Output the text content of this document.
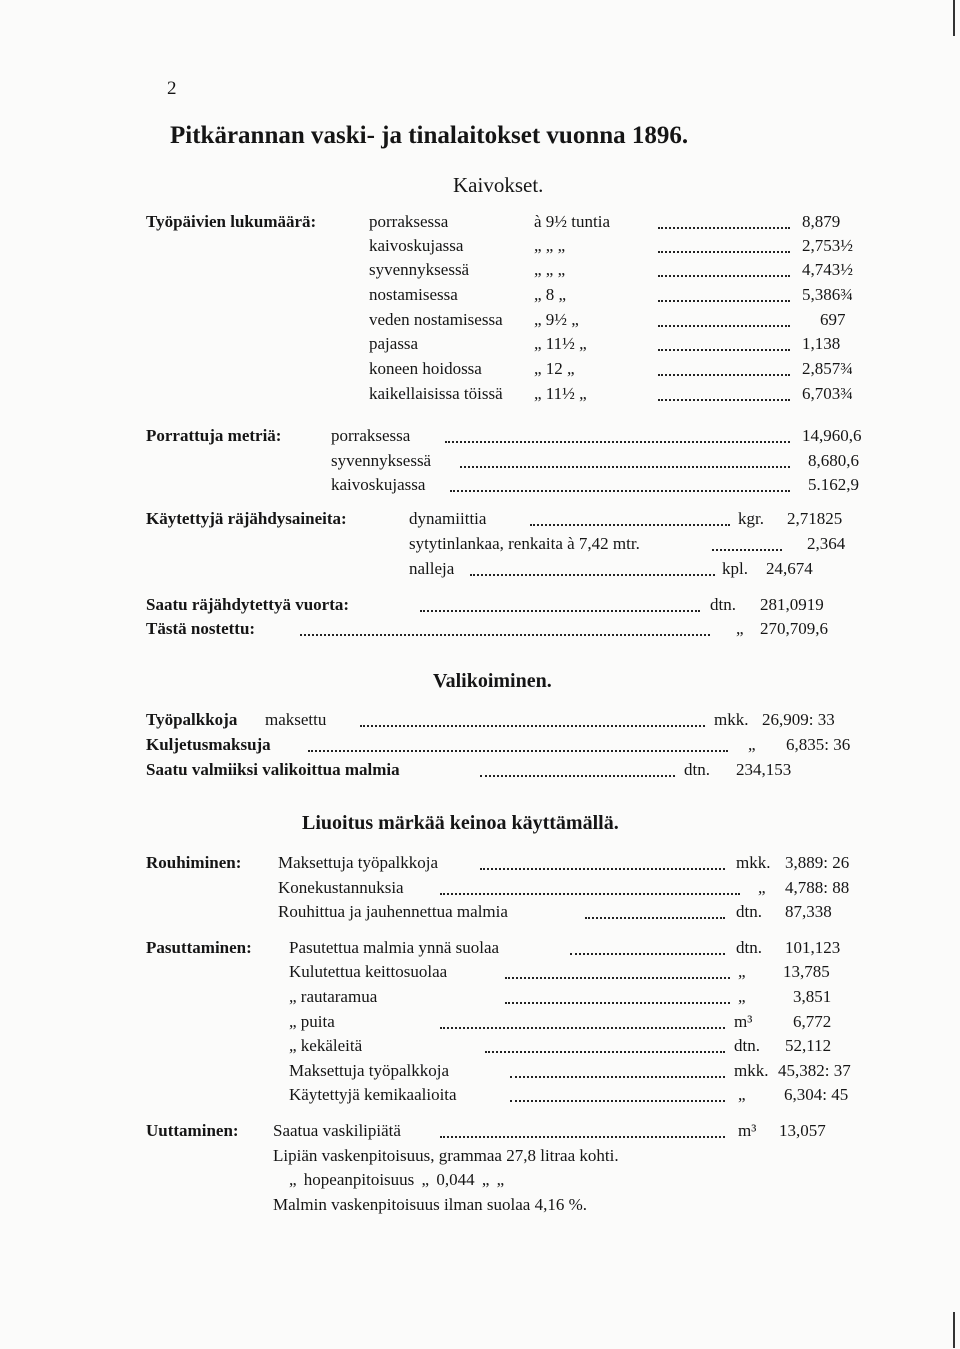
2
Pitkärannan vaski- ja tinalaitokset vuonna 1896.
Kaivokset.
Työpäivien lukumäärä:	porraksessa	à 9½ tuntia	8,879
kaivoskujassa	„ „ „	2,753½
syvennyksessä	„ „ „	4,743½
nostamisessa	„ 8 „	5,386¾
veden nostamisessa „ 9½ „	697
pajassa	„ 11½ „	1,138
koneen hoidossa	„ 12 „	2,857¾
kaikellaisissa töissä „ 11½ „	6,703¾
Porrattuja metriä:	porraksessa	14,960,6
syvennyksessä	8,680,6
kaivoskujassa	5.162,9
Käytettyjä räjähdysaineita:	dynamiittia	kgr. 2,71825
sytytinlankaa, renkaita à 7,42 mtr.	2,364
nalleja	kpl. 24,674
Saatu räjähdytettyä vuorta:	dtn. 281,0919
Tästä nostettu:	„ 270,709,6
Valikoiminen.
Työpalkkoja maksettu	mkk. 26,909: 33
Kuljetusmaksuja	„ 6,835: 36
Saatu valmiiksi valikoittua malmia	dtn. 234,153
Liuoitus märkää keinoa käyttämällä.
Rouhiminen: Maksettuja työpalkkoja	mkk. 3,889: 26
Konekustannuksia	„ 4,788: 88
Rouhittua ja jauhennettua malmia	dtn. 87,338
Pasuttaminen: Pasutettua malmia ynnä suolaa	dtn. 101,123
Kulutettua keittosuolaa	„ 13,785
„ rautaramua	„	3,851
„ puita	m³ 6,772
„ kekäleitä	dtn. 52,112
Maksettuja työpalkkoja	mkk. 45,382: 37
Käytettyjä kemikaalioita	„ 6,304: 45
Uuttaminen: Saatua vaskilipiätä	m³ 13,057
Lipiän vaskenpitoisuus, grammaa 27,8 litraa kohti.
„ hopeanpitoisuus „ 0,044 „ „
Malmin vaskenpitoisuus ilman suolaa 4,16 %.
